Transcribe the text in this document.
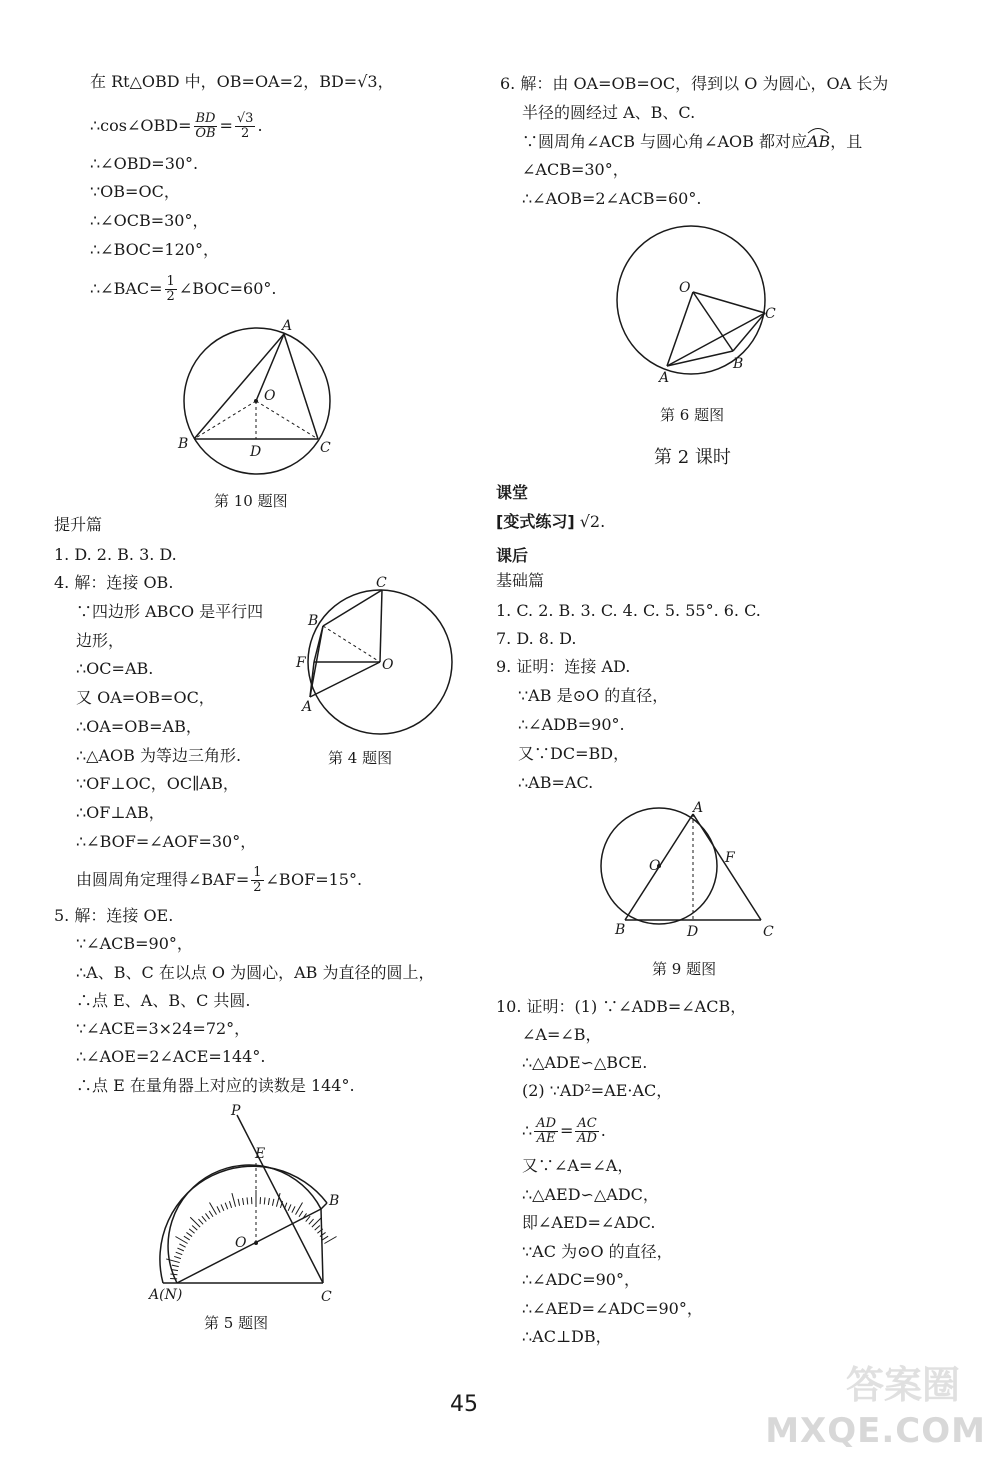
在 Rt△OBD 中，OB=OA=2，BD=√3，
∴cos∠OBD= $\frac{BD}{OB} = \frac{√3}{2}$ .
∴∠OBD=30°.
∵OB=OC，
∴∠OCB=30°，
∴∠BOC=120°，
∴∠BAC= $\frac{1}{2}$ ∠BOC=60°.
A
O
B	D	C
第 10 题图
提升篇
1. D. 2. B. 3. D.
4. 解：连接 OB.
∵四边形 ABCO 是平行四
边形，
∴OC=AB.
又 OA=OB=OC，
∴OA=OB=AB，
∴△AOB 为等边三角形.
∵OF⊥OC，OC∥AB，
∴OF⊥AB，
∴∠BOF=∠AOF=30°，
由圆周角定理得∠BAF= $\frac{1}{2}$ ∠BOF=15°.
C
B
F	O
A
第 4 题图
5. 解：连接 OE.
∵∠ACB=90°，
∴A、B、C 在以点 O 为圆心，AB 为直径的圆上，
∴点 E、A、B、C 共圆.
∵∠ACE=3×24=72°，
∴∠AOE=2∠ACE=144°.
∴点 E 在量角器上对应的读数是 144°.
P
E
B
O
A(N)	C
第 5 题图
6. 解：由 OA=OB=OC，得到以 O 为圆心，OA 长为
半径的圆经过 A、B、C.
∵圆周角∠ACB 与圆心角∠AOB 都对应
AB，且
∠ACB=30°，
∴∠AOB=2∠ACB=60°.
O
C
B
A
第 6 题图
第 2 课时
课堂
[变式练习] √2.
课后
基础篇
1. C. 2. B. 3. C. 4. C. 5. 55°. 6. C.
7. D. 8. D.
9. 证明：连接 AD.
∵AB 是⊙O 的直径，
∴∠ADB=90°.
又∵DC=BD，
∴AB=AC.
A
F
O
B	D	C
第 9 题图
10. 证明：(1) ∵∠ADB=∠ACB，
∠A=∠B，
∴△ADE∽△BCE.
(2) ∵AD²=AE·AC，
∴ $\frac{AD}{AE} = \frac{AC}{AD}$ .
又∵∠A=∠A，
∴△AED∽△ADC，
即∠AED=∠ADC.
∵AC 为⊙O 的直径，
∴∠ADC=90°，
∴∠AED=∠ADC=90°，
∴AC⊥DB，
45	答案圈
MXQE.COM
